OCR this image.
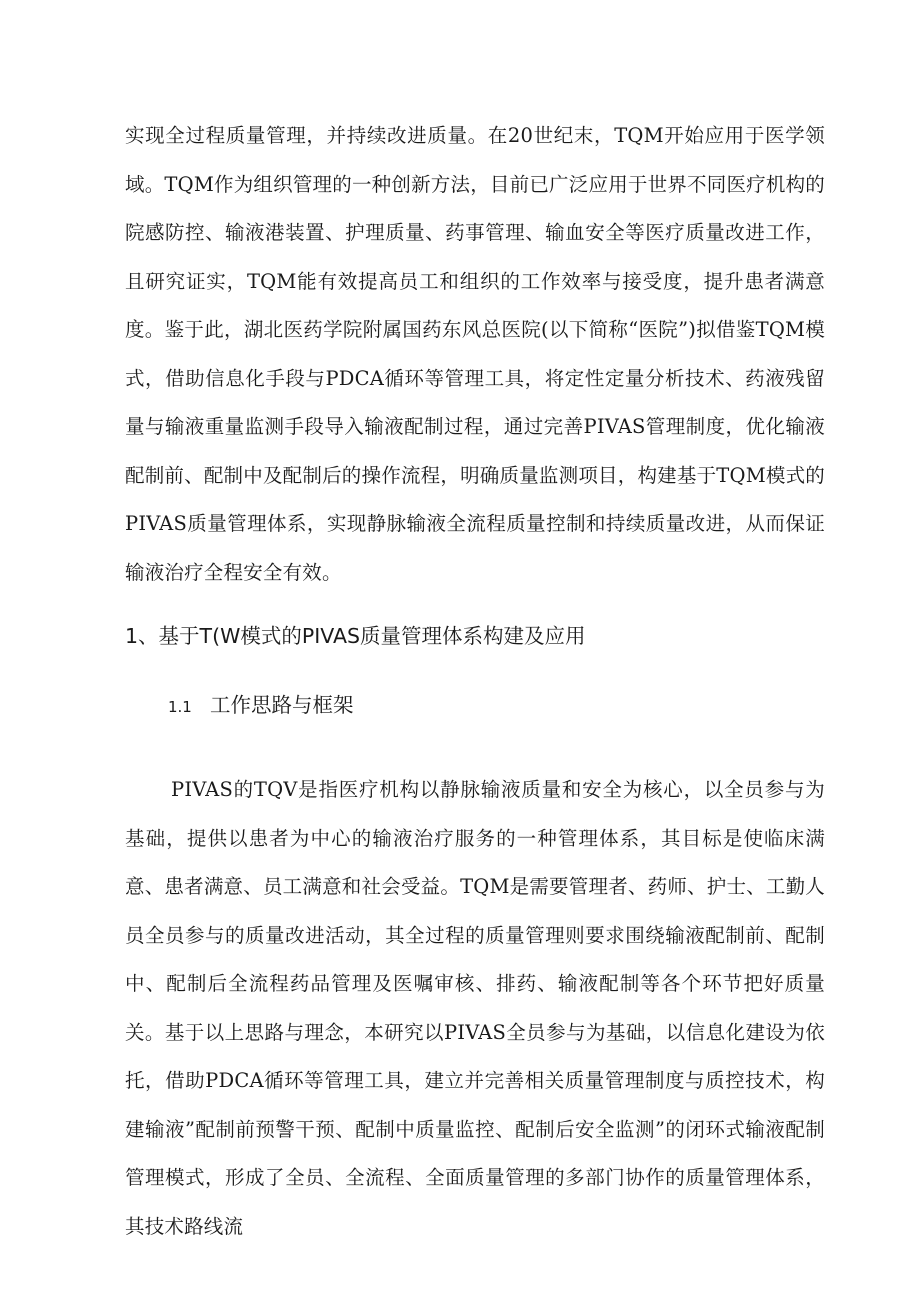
实现全过程质量管理，并持续改进质量。在20世纪末，TQM开始应用于医学领域。TQM作为组织管理的一种创新方法，目前已广泛应用于世界不同医疗机构的院感防控、输液港装置、护理质量、药事管理、输血安全等医疗质量改进工作，且研究证实，TQM能有效提高员工和组织的工作效率与接受度，提升患者满意度。鉴于此，湖北医药学院附属国药东风总医院(以下简称“医院”)拟借鉴TQM模式，借助信息化手段与PDCA循环等管理工具，将定性定量分析技术、药液残留量与输液重量监测手段导入输液配制过程，通过完善PIVAS管理制度，优化输液配制前、配制中及配制后的操作流程，明确质量监测项目，构建基于TQM模式的PIVAS质量管理体系，实现静脉输液全流程质量控制和持续质量改进，从而保证输液治疗全程安全有效。

1、基于T(W模式的PIVAS质量管理体系构建及应用
1.1 工作思路与框架

PIVAS的TQV是指医疗机构以静脉输液质量和安全为核心，以全员参与为基础，提供以患者为中心的输液治疗服务的一种管理体系，其目标是使临床满意、患者满意、员工满意和社会受益。TQM是需要管理者、药师、护士、工勤人员全员参与的质量改进活动，其全过程的质量管理则要求围绕输液配制前、配制中、配制后全流程药品管理及医嘱审核、排药、输液配制等各个环节把好质量关。基于以上思路与理念，本研究以PIVAS全员参与为基础，以信息化建设为依托，借助PDCA循环等管理工具，建立并完善相关质量管理制度与质控技术，构建输液”配制前预警干预、配制中质量监控、配制后安全监测”的闭环式输液配制管理模式，形成了全员、全流程、全面质量管理的多部门协作的质量管理体系，其技术路线流
